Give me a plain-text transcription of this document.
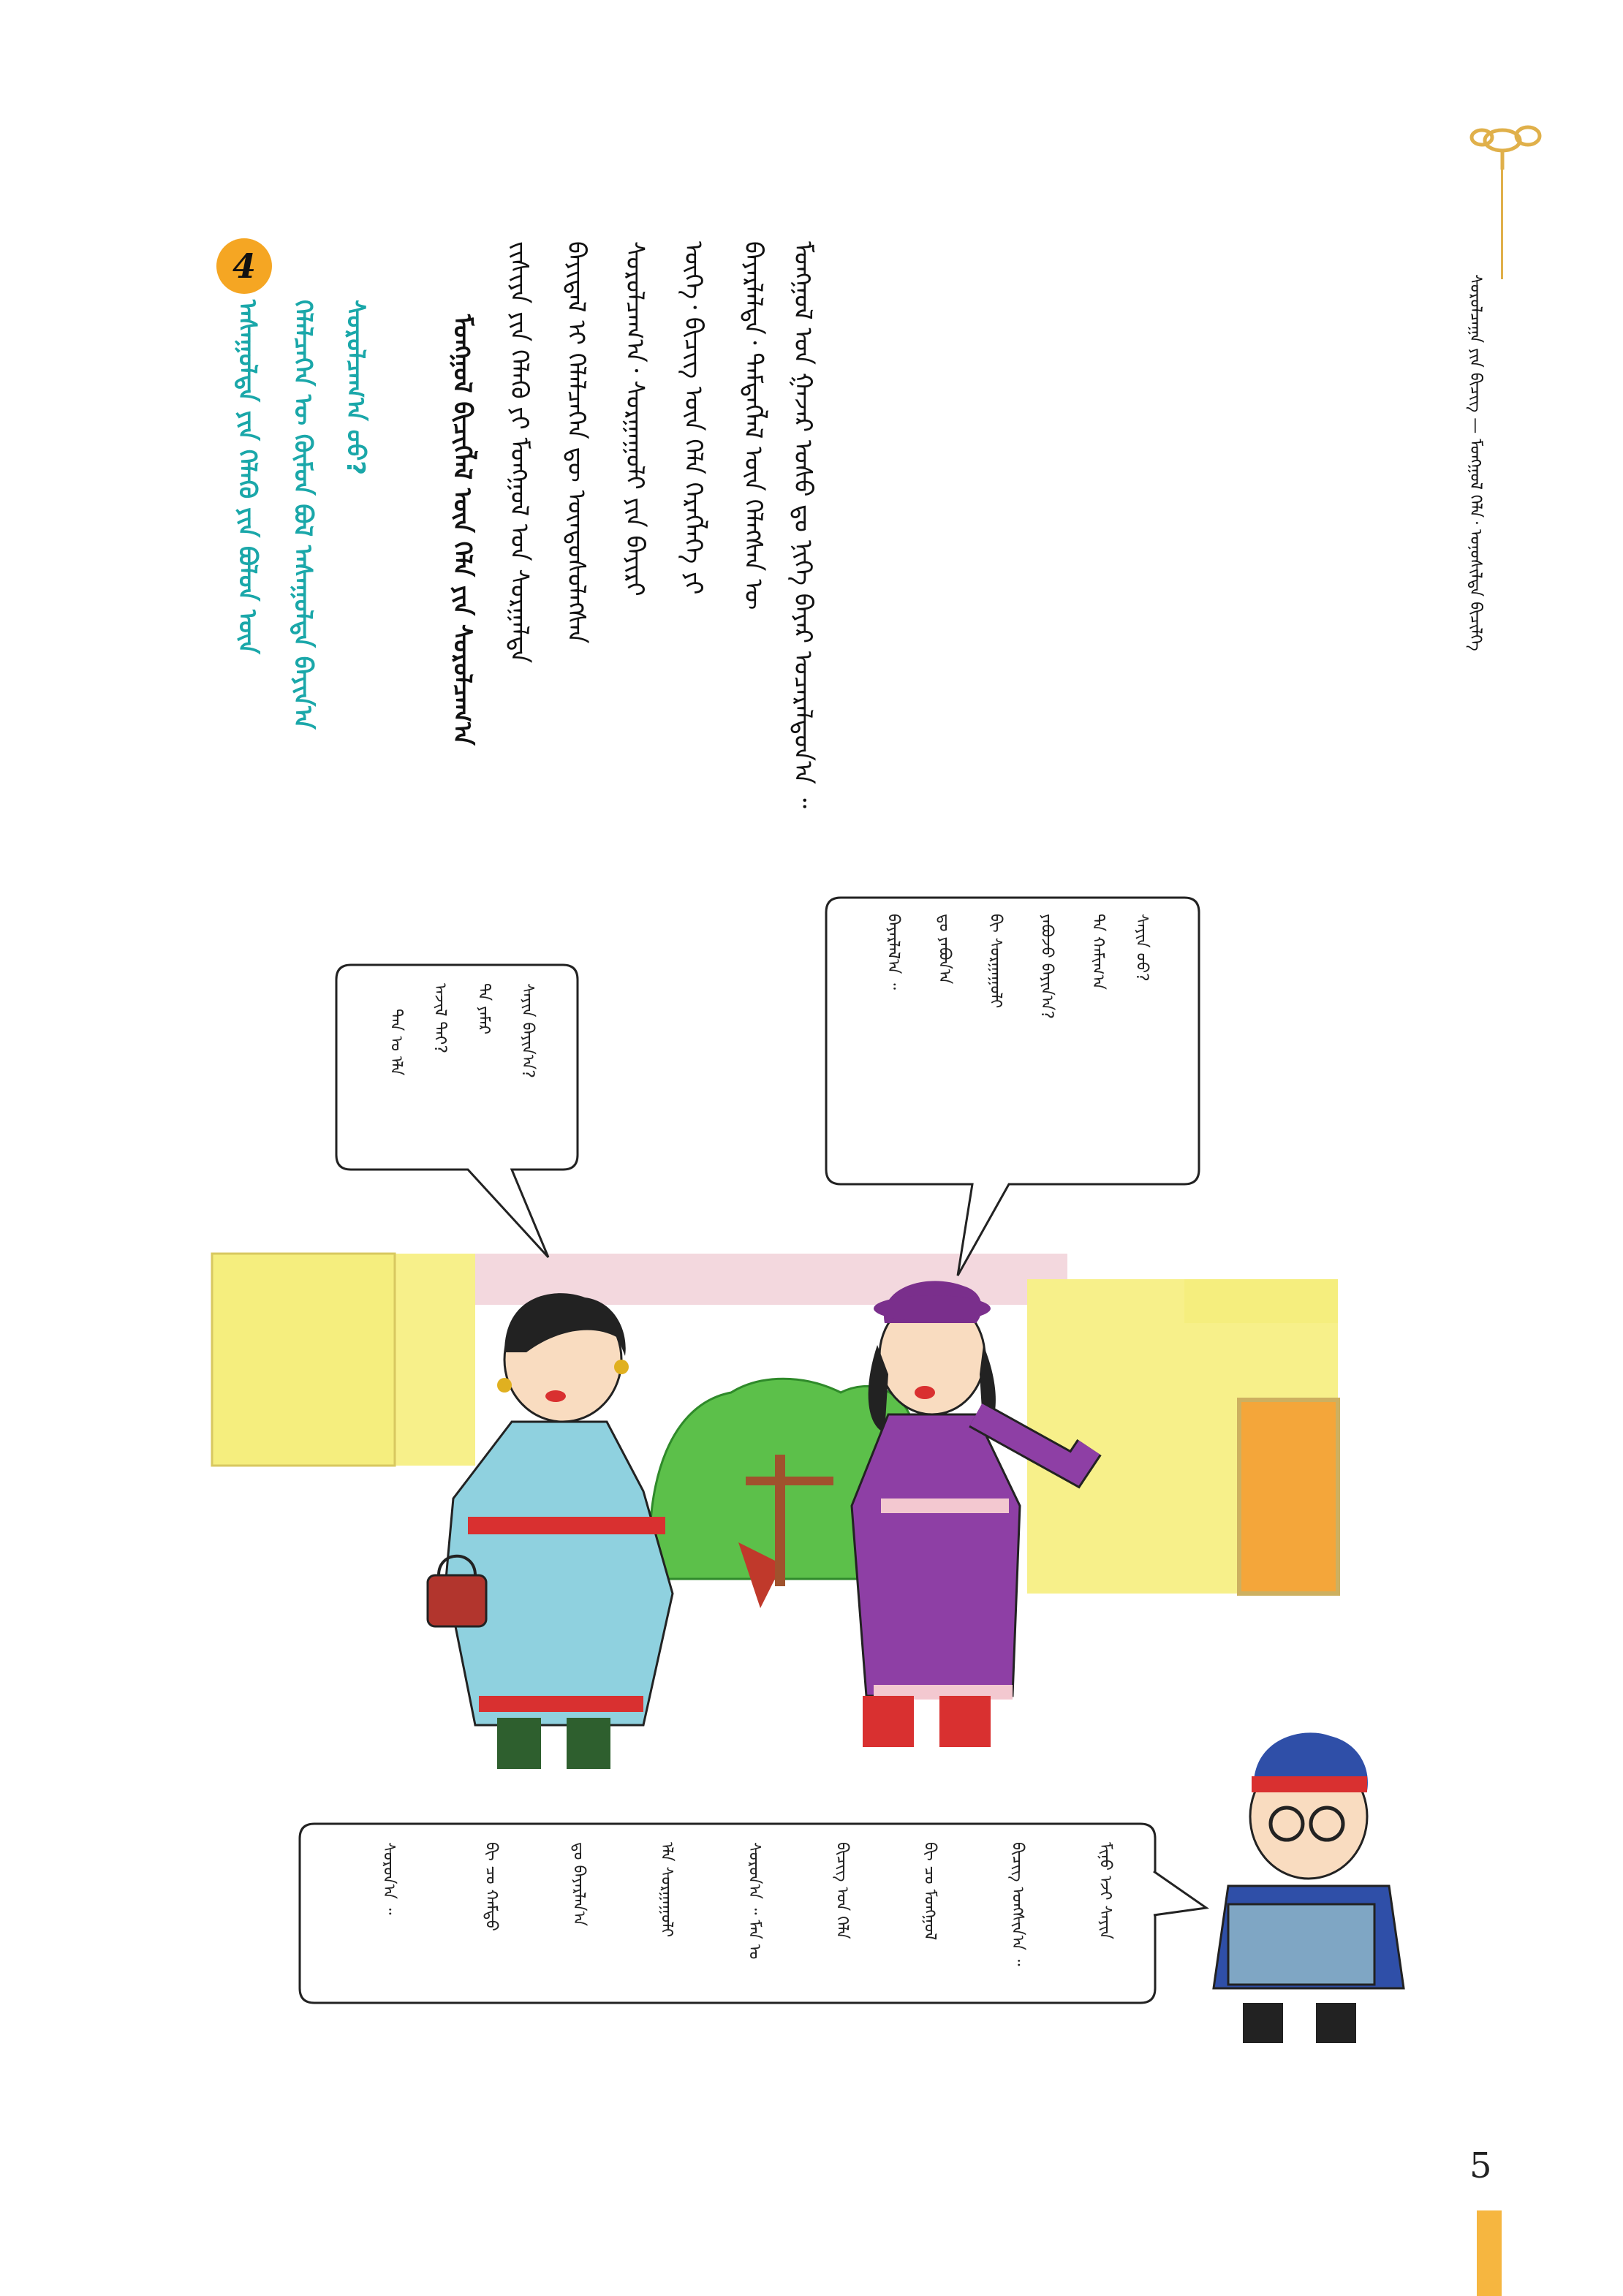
ᠰᠤᠷᠤᠯᠴᠠᠭᠠ ᠶᠢᠨ ᠪᠢᠴᠢᠭ — ᠮᠣᠩᠭᠣᠯ ᠬᠡᠯᠡ᠂ ᠤᠨᠤᠰᠢᠯᠲᠠ ᠪᠢᠴᠢᠯᠭᠡ
ᠮᠣᠩᠭᠣᠯ ᠤᠨ ᠭᠠᠵᠠᠷ ᠤᠰᠤ ᠳᠤ ᠨᠢᠭᠡ ᠪᠠᠶᠠᠷ ᠤᠴᠠᠷᠠᠯᠳᠤᠨ᠎ᠠ ᠃
ᠪᠠᠶᠠᠷᠯᠠᠯᠲᠠ᠂ ᠲᠡᠮᠳᠡᠭᠯᠡᠯ ᠦᠨ ᠬᠡᠯᠡᠭᠰᠡᠨ ᠦ
ᠦᠭᠡ᠂ ᠪᠢᠴᠢᠭ᠌ ᠦᠨ ᠬᠡᠯᠡ ᠬᠡᠷᠡᠭᠯᠡᠭᠡ ᠶᠢ
ᠰᠤᠷᠤᠯᠴᠠᠭ᠎ᠠ᠂ ᠰᠤᠷᠭᠠᠭᠤᠯᠢ ᠶᠢᠨ ᠪᠠᠶᠢᠷᠢ
ᠪᠠᠶᠢᠳᠠᠯ ᠢ ᠬᠡᠯᠡᠯᠴᠡᠭᠡᠨ ᠳᠦ ᠦᠨᠳᠦᠰᠦᠯᠡᠭᠰᠡᠨ
ᠵᠢᠱᠢᠶᠡ ᠶᠢᠨ ᠬᠡᠯᠡᠬᠦ ᠶᠢ ᠮᠣᠩᠭᠣᠯ ᠤᠨ ᠰᠤᠷᠭᠠᠯᠲᠠ
ᠮᠣᠩᠭᠣᠯ ᠪᠢᠴᠢᠭᠯᠡᠯ ᠦᠨ ᠬᠡᠯᠡ ᠶᠢᠨ ᠰᠤᠷᠤᠯᠴᠠᠭ᠎ᠠ
4
ᠠᠰᠠᠭᠤᠯᠲᠠ ᠶᠢᠨ ᠬᠡᠯᠡᠬᠦ ᠶᠢᠨ ᠪᠣᠯᠤᠨ ᠦᠨ ᠬᠡᠯᠡᠯᠴᠡᠭᠡᠨ ᠦ ᠬᠦᠮᠦᠨ ᠪᠣᠯ ᠠᠰᠠᠭᠤᠯᠲᠠ ᠪᠠᠶᠢᠨ᠎ᠠ ᠰᠤᠷᠤᠯᠴᠠᠭ᠎ᠠ ᠤᠤ?
ᠰᠠᠶᠢᠨ ᠪᠠᠶᠢᠨ᠎ᠠ?
ᠲᠠ ᠶᠠᠮᠠᠷ
ᠠᠵᠢᠯ ᠲᠠᠢ?
ᠲᠠᠨ ᠤ ᠡᠯᠡ
ᠰᠠᠶᠢᠨ ᠤᠤ?
ᠲᠠ ᠬᠠᠮᠢᠭ᠎ᠠ
ᠶᠠᠪᠤᠵᠤ ᠪᠠᠶᠢᠨ᠎ᠠ?
ᠪᠢ ᠰᠤᠷᠭᠠᠭᠤᠯᠢ
ᠳᠤ ᠶᠠᠪᠤᠨ᠎ᠠ
ᠪᠠᠶᠠᠷᠯᠠᠯ᠎ᠠ ᠃
ᠮᠢᠨᠦ ᠡᠵᠢ ᠰᠠᠶᠢᠨ
ᠪᠢᠴᠢᠭ᠌ ᠤᠩᠰᠢᠨ᠎ᠠ ᠃
ᠪᠢ ᠴᠤ ᠮᠣᠩᠭᠣᠯ
ᠪᠢᠴᠢᠭ᠌ ᠤᠨ ᠬᠡᠯᠡ
ᠰᠤᠷᠤᠨ᠎ᠠ ᠃ ᠮᠠᠨ ᠤ
ᠡᠯᠡ ᠰᠤᠷᠭᠠᠭᠤᠯᠢ
ᠳᠤ ᠪᠠᠶᠠᠷᠯᠠᠨ᠎ᠠ
ᠪᠢ ᠴᠤ ᠬᠠᠮᠲᠤ
ᠰᠤᠷᠤᠨ᠎ᠠ ᠃
5
